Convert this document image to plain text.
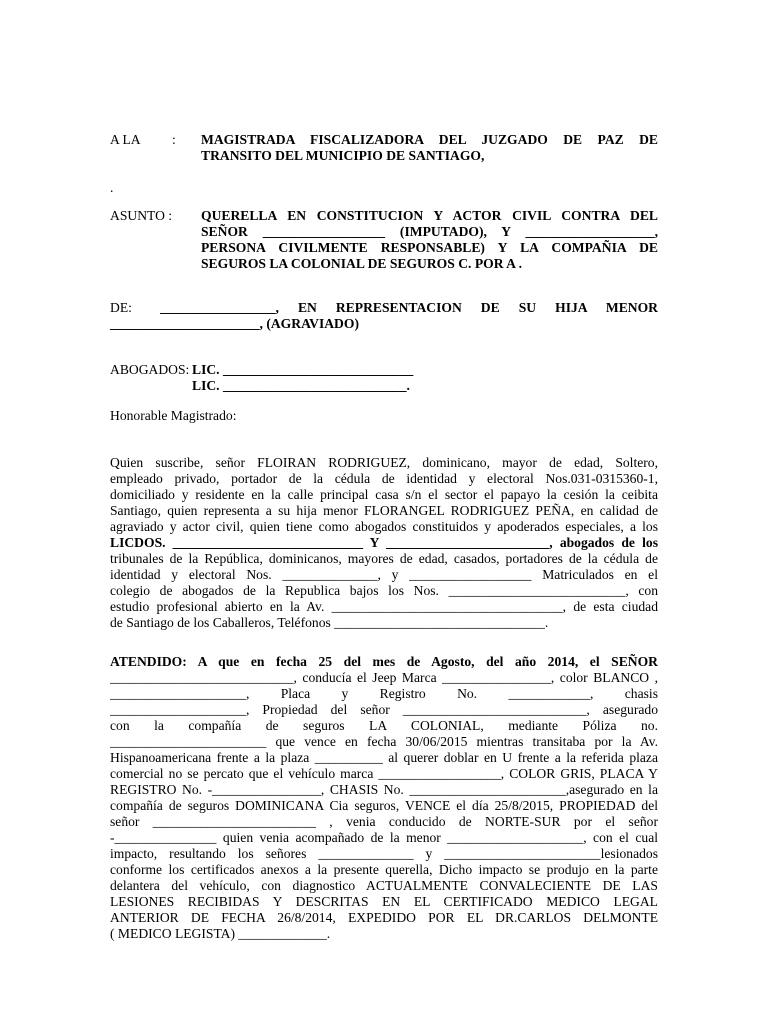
A LA : MAGISTRADA FISCALIZADORA DEL JUZGADO DE PAZ DE
TRANSITO DEL MUNICIPIO DE SANTIAGO,
.
ASUNTO : QUERELLA EN CONSTITUCION Y ACTOR CIVIL CONTRA DEL
SEÑOR __________________ (IMPUTADO), Y ___________________,
PERSONA CIVILMENTE RESPONSABLE) Y LA COMPAÑIA DE
SEGUROS LA COLONIAL DE SEGUROS C. POR A .
DE: _________________, EN REPRESENTACION DE SU HIJA MENOR
______________________, (AGRAVIADO)
ABOGADOS: LIC. ____________________________
LIC. ___________________________.
Honorable Magistrado:
Quien suscribe, señor FLOIRAN RODRIGUEZ, dominicano, mayor de edad, Soltero,
empleado privado, portador de la cédula de identidad y electoral Nos.031-0315360-1,
domiciliado y residente en la calle principal casa s/n el sector el papayo la cesión la ceibita
Santiago, quien representa a su hija menor FLORANGEL RODRIGUEZ PEÑA, en calidad de
agraviado y actor civil, quien tiene como abogados constituidos y apoderados especiales, a los
LICDOS. ____________________________ Y ________________________, abogados de los
tribunales de la República, dominicanos, mayores de edad, casados, portadores de la cédula de
identidad y electoral Nos. ______________, y __________________ Matriculados en el
colegio de abogados de la Republica bajos los Nos. __________________________, con
estudio profesional abierto en la Av. __________________________________, de esta ciudad
de Santiago de los Caballeros, Teléfonos _______________________________.
ATENDIDO: A que en fecha 25 del mes de Agosto, del año 2014, el SEÑOR
___________________________, conducía el Jeep Marca ________________, color BLANCO ,
____________________, Placa y Registro No. ____________, chasis
____________________, Propiedad del señor ___________________________, asegurado
con la compañía de seguros LA COLONIAL, mediante Póliza no.
_______________________ que vence en fecha 30/06/2015 mientras transitaba por la Av.
Hispanoamericana frente a la plaza __________ al querer doblar en U frente a la referida plaza
comercial no se percato que el vehículo marca __________________, COLOR GRIS, PLACA Y
REGISTRO No. -________________, CHASIS No. _______________________,asegurado en la
compañía de seguros DOMINICANA Cia seguros, VENCE el día 25/8/2015, PROPIEDAD del
señor ________________________ , venia conducido de NORTE-SUR por el señor
-_______________ quien venia acompañado de la menor ____________________, con el cual
impacto, resultando los señores ______________ y _______________________lesionados
conforme los certificados anexos a la presente querella, Dicho impacto se produjo en la parte
delantera del vehículo, con diagnostico ACTUALMENTE CONVALECIENTE DE LAS
LESIONES RECIBIDAS Y DESCRITAS EN EL CERTIFICADO MEDICO LEGAL
ANTERIOR DE FECHA 26/8/2014, EXPEDIDO POR EL DR.CARLOS DELMONTE
( MEDICO LEGISTA) _____________.
